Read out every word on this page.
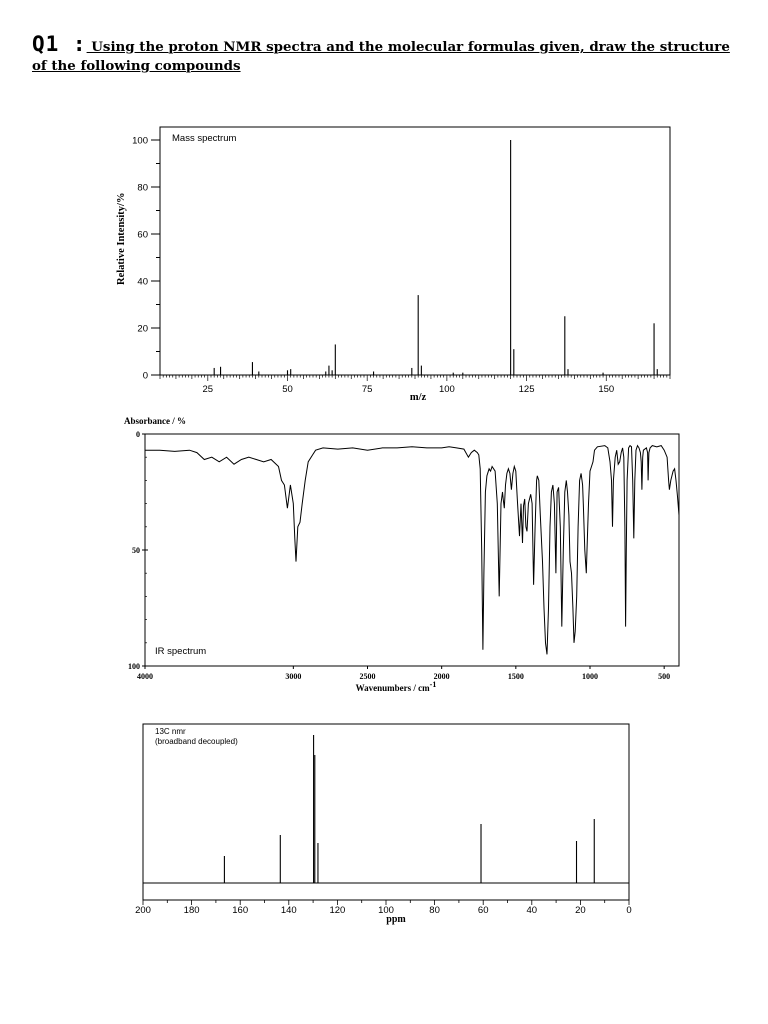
Q1 : Using the proton NMR spectra and the molecular formulas given, draw the structure
of the following compounds
Mass spectrum
Relative Intensity/%
m/z
0
20
40
60
80
100
25	50	75	100	125	150
Absorbance / %
IR spectrum
Wavenumbers / cm-1
0
50
100
4000	3000	2500	2000	1500	1000	500
13C nmr
(broadband decoupled)
ppm
200	180	160	140	120	100	80	60	40	20	0
